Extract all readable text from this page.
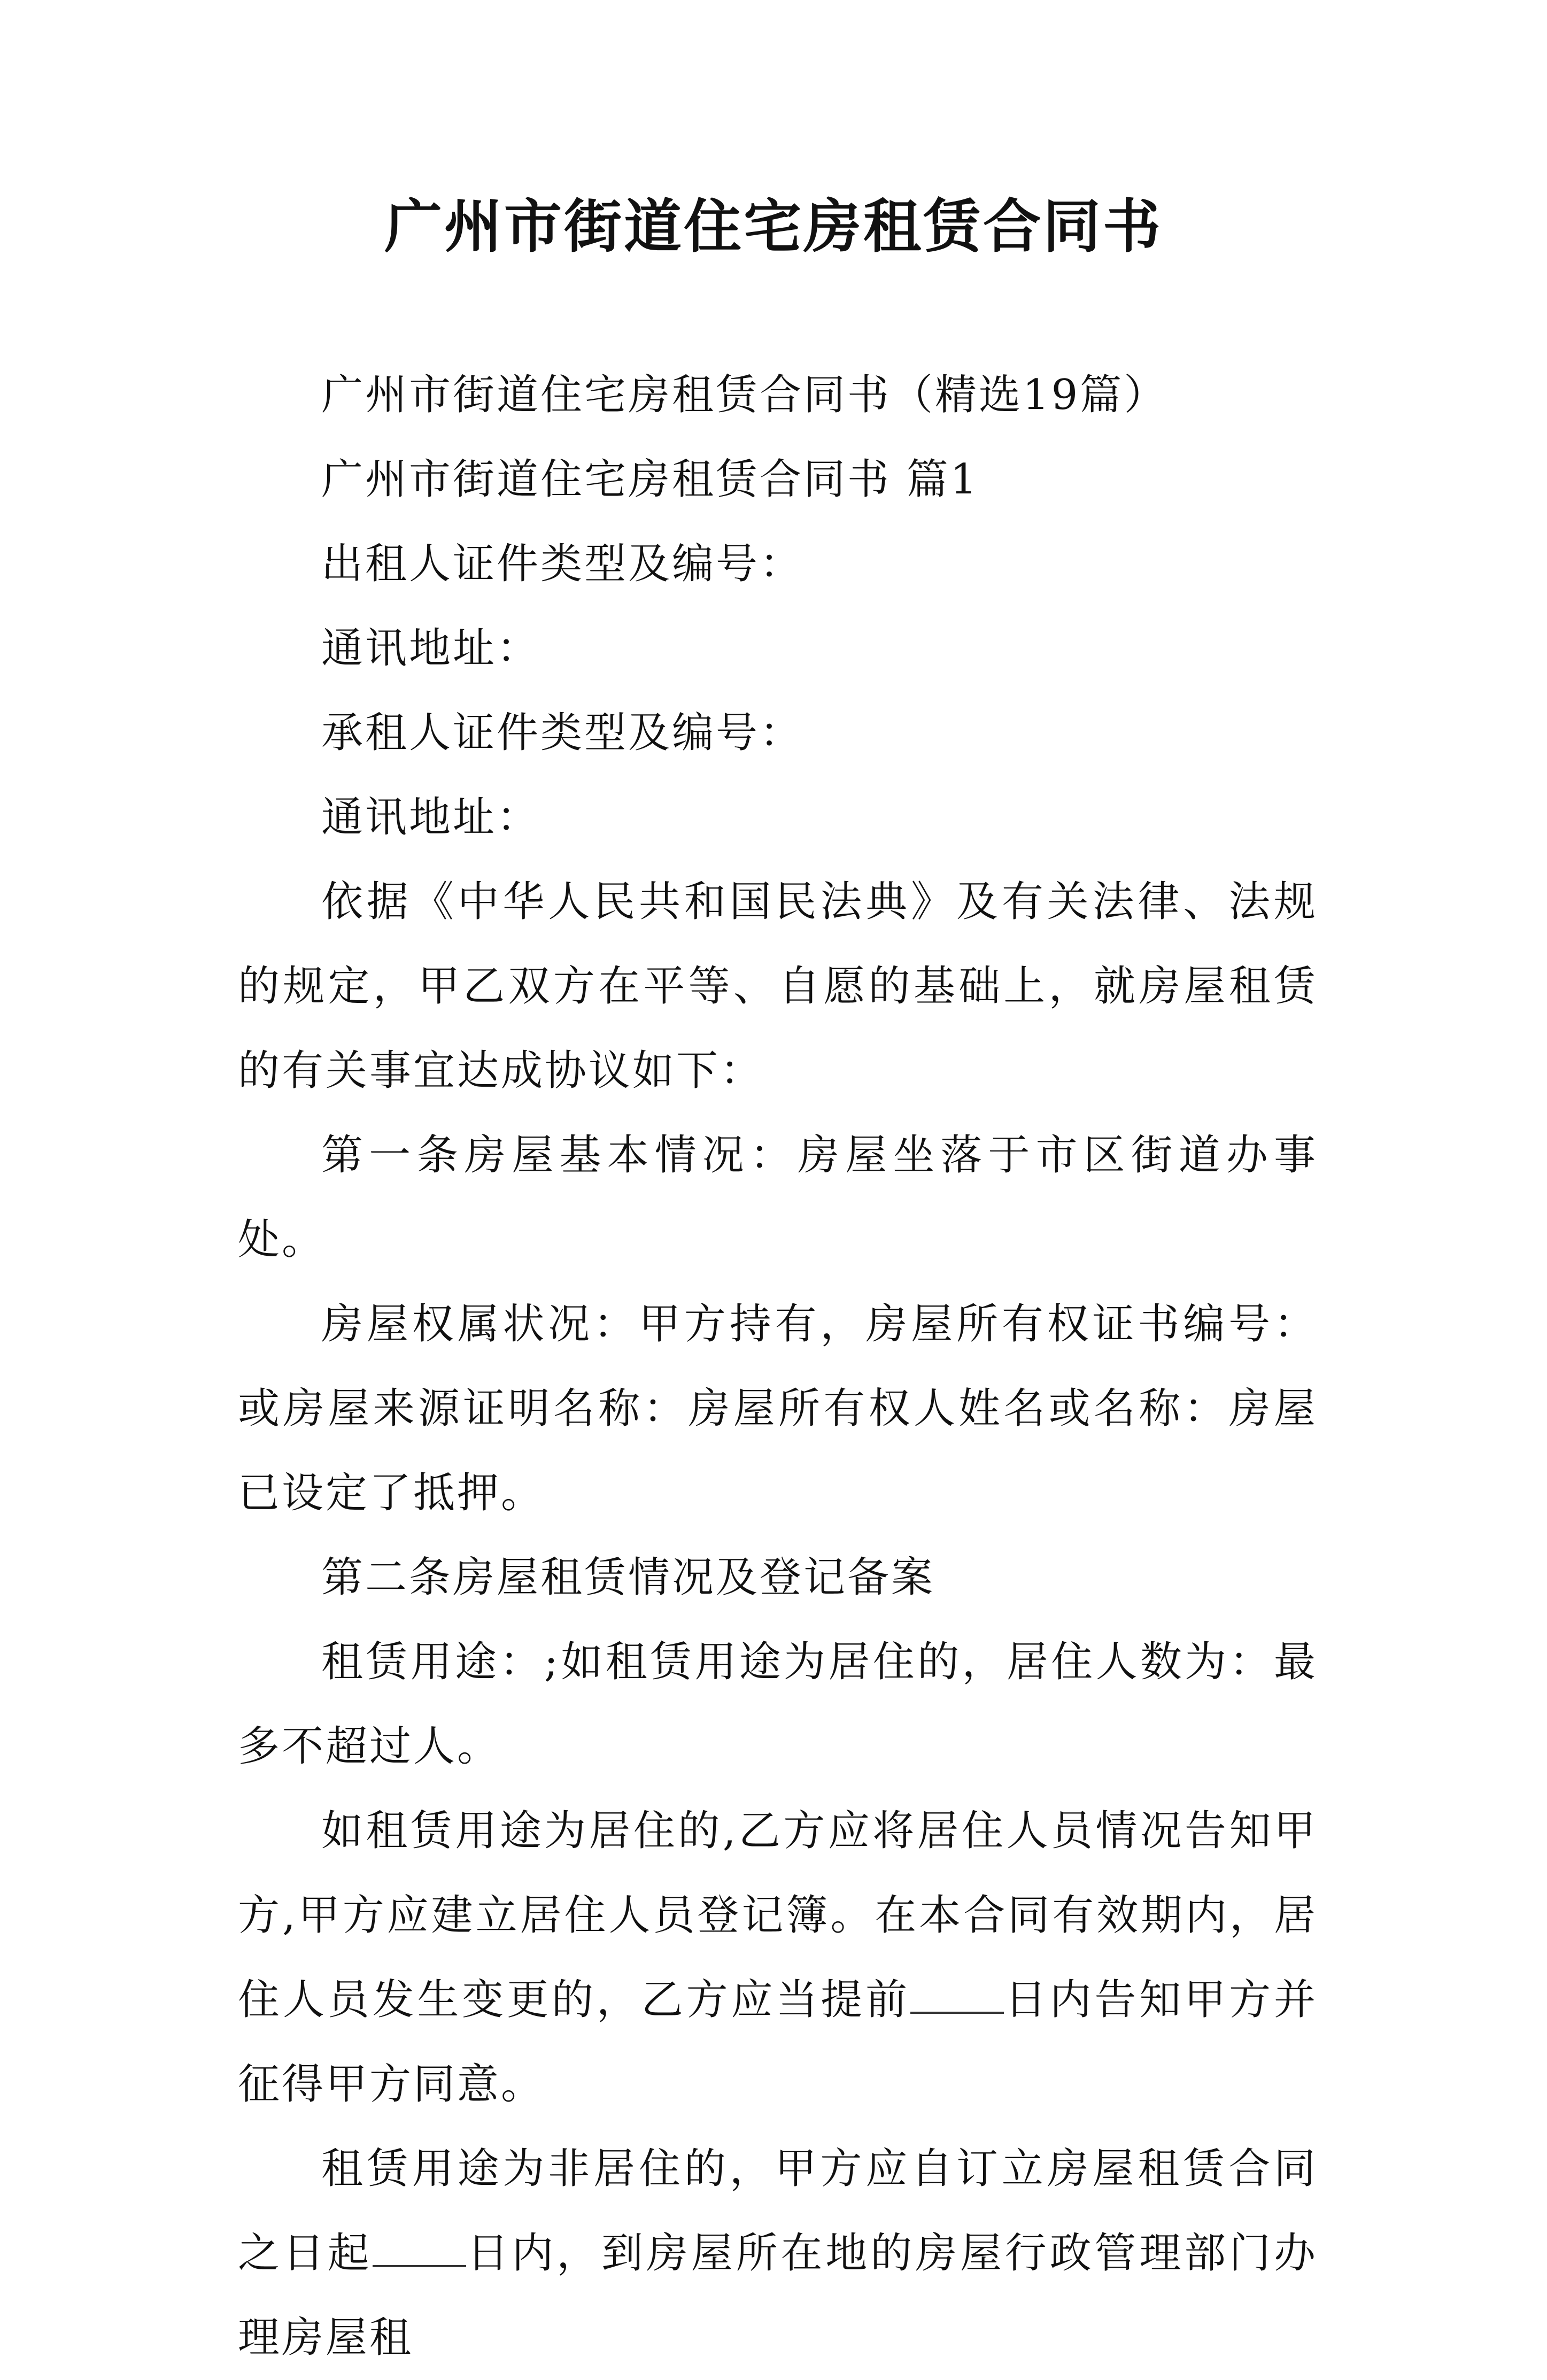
广州市街道住宅房租赁合同书

广州市街道住宅房租赁合同书（精选19篇）

广州市街道住宅房租赁合同书 篇1

出租人证件类型及编号：

通讯地址：

承租人证件类型及编号：

通讯地址：

依据《中华人民共和国民法典》及有关法律、法规的规定，甲乙双方在平等、自愿的基础上，就房屋租赁的有关事宜达成协议如下：

第一条房屋基本情况：房屋坐落于市区街道办事处。

房屋权属状况：甲方持有，房屋所有权证书编号：或房屋来源证明名称：房屋所有权人姓名或名称：房屋已设定了抵押。

第二条房屋租赁情况及登记备案

租赁用途：;如租赁用途为居住的，居住人数为：最多不超过人。

如租赁用途为居住的,乙方应将居住人员情况告知甲方,甲方应建立居住人员登记簿。在本合同有效期内，居住人员发生变更的，乙方应当提前 日内告知甲方并征得甲方同意。

租赁用途为非居住的，甲方应自订立房屋租赁合同之日起 日内，到房屋所在地的房屋行政管理部门办理房屋租
